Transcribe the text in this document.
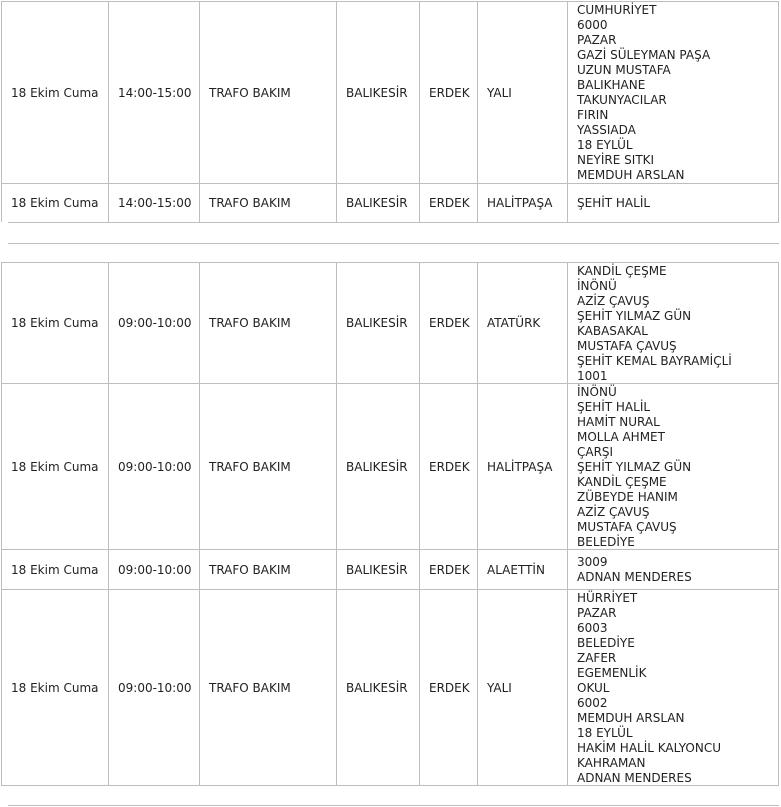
18 Ekim Cuma	14:00-15:00	TRAFO BAKIM	BALIKESİR	ERDEK	YALI
CUMHURİYET
6000
PAZAR
GAZİ SÜLEYMAN PAŞA
UZUN MUSTAFA
BALIKHANE
TAKUNYACILAR
FIRIN
YASSIADA
18 EYLÜL
NEYİRE SITKI
MEMDUH ARSLAN
18 Ekim Cuma	14:00-15:00	TRAFO BAKIM	BALIKESİR	ERDEK	HALİTPAŞA	ŞEHİT HALİL
18 Ekim Cuma	09:00-10:00	TRAFO BAKIM	BALIKESİR	ERDEK	ATATÜRK
KANDİL ÇEŞME
İNÖNÜ
AZİZ ÇAVUŞ
ŞEHİT YILMAZ GÜN
KABASAKAL
MUSTAFA ÇAVUŞ
ŞEHİT KEMAL BAYRAMİÇLİ
1001
18 Ekim Cuma	09:00-10:00	TRAFO BAKIM	BALIKESİR	ERDEK	HALİTPAŞA
İNÖNÜ
ŞEHİT HALİL
HAMİT NURAL
MOLLA AHMET
ÇARŞI
ŞEHİT YILMAZ GÜN
KANDİL ÇEŞME
ZÜBEYDE HANIM
AZİZ ÇAVUŞ
MUSTAFA ÇAVUŞ
BELEDİYE
18 Ekim Cuma	09:00-10:00	TRAFO BAKIM	BALIKESİR	ERDEK	ALAETTİN
3009
ADNAN MENDERES
18 Ekim Cuma	09:00-10:00	TRAFO BAKIM	BALIKESİR	ERDEK	YALI
HÜRRİYET
PAZAR
6003
BELEDİYE
ZAFER
EGEMENLİK
OKUL
6002
MEMDUH ARSLAN
18 EYLÜL
HAKİM HALİL KALYONCU
KAHRAMAN
ADNAN MENDERES
